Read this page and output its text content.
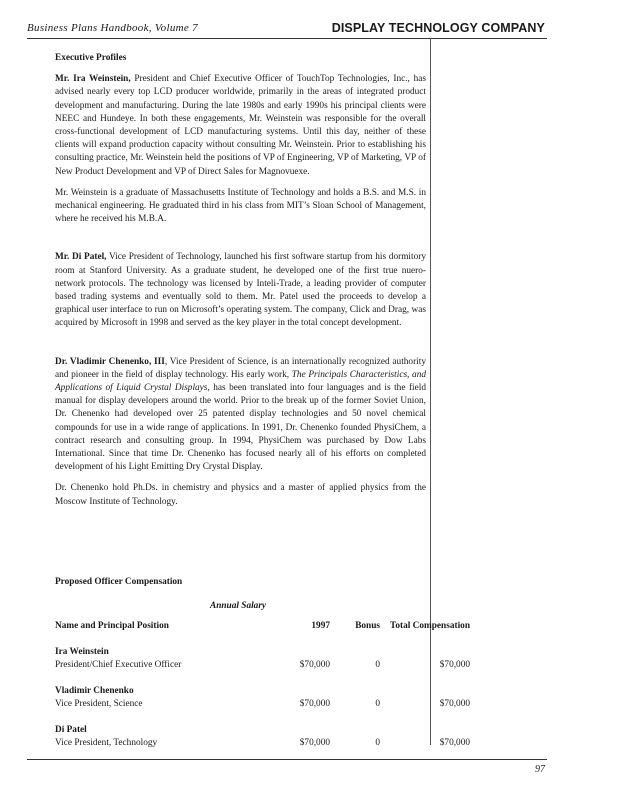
Business Plans Handbook, Volume 7	DISPLAY TECHNOLOGY COMPANY
Executive Profiles

Mr. Ira Weinstein, President and Chief Executive Officer of TouchTop Technologies, Inc., has advised nearly every top LCD producer worldwide, primarily in the areas of integrated product development and manufacturing. During the late 1980s and early 1990s his principal clients were NEEC and Hundeye. In both these engagements, Mr. Weinstein was responsible for the overall cross-functional development of LCD manufacturing systems. Until this day, neither of these clients will expand production capacity without consulting Mr. Weinstein. Prior to establishing his consulting practice, Mr. Weinstein held the positions of VP of Engineering, VP of Marketing, VP of New Product Development and VP of Direct Sales for Magnovuexe.

Mr. Weinstein is a graduate of Massachusetts Institute of Technology and holds a B.S. and M.S. in mechanical engineering. He graduated third in his class from MIT’s Sloan School of Management, where he received his M.B.A.

Mr. Di Patel, Vice President of Technology, launched his first software startup from his dormitory room at Stanford University. As a graduate student, he developed one of the first true nuero-network protocols. The technology was licensed by Inteli-Trade, a leading provider of computer based trading systems and eventually sold to them. Mr. Patel used the proceeds to develop a graphical user interface to run on Microsoft’s operating system. The company, Click and Drag, was acquired by Microsoft in 1998 and served as the key player in the total concept development.

Dr. Vladimir Chenenko, III, Vice President of Science, is an internationally recognized authority and pioneer in the field of display technology. His early work, The Principals Characteristics, and Applications of Liquid Crystal Displays, has been translated into four languages and is the field manual for display developers around the world. Prior to the break up of the former Soviet Union, Dr. Chenenko had developed over 25 patented display technologies and 50 novel chemical compounds for use in a wide range of applications. In 1991, Dr. Chenenko founded PhysiChem, a contract research and consulting group. In 1994, PhysiChem was purchased by Dow Labs International. Since that time Dr. Chenenko has focused nearly all of his efforts on completed development of his Light Emitting Dry Crystal Display.

Dr. Chenenko hold Ph.Ds. in chemistry and physics and a master of applied physics from the Moscow Institute of Technology.

Proposed Officer Compensation
Annual Salary
Name and Principal Position	1997	Bonus	Total Compensation

Ira Weinstein			
President/Chief Executive Officer	$70,000	0	$70,000

Vladimir Chenenko			
Vice President, Science	$70,000	0	$70,000

Di Patel			
Vice President, Technology	$70,000	0	$70,000
97
